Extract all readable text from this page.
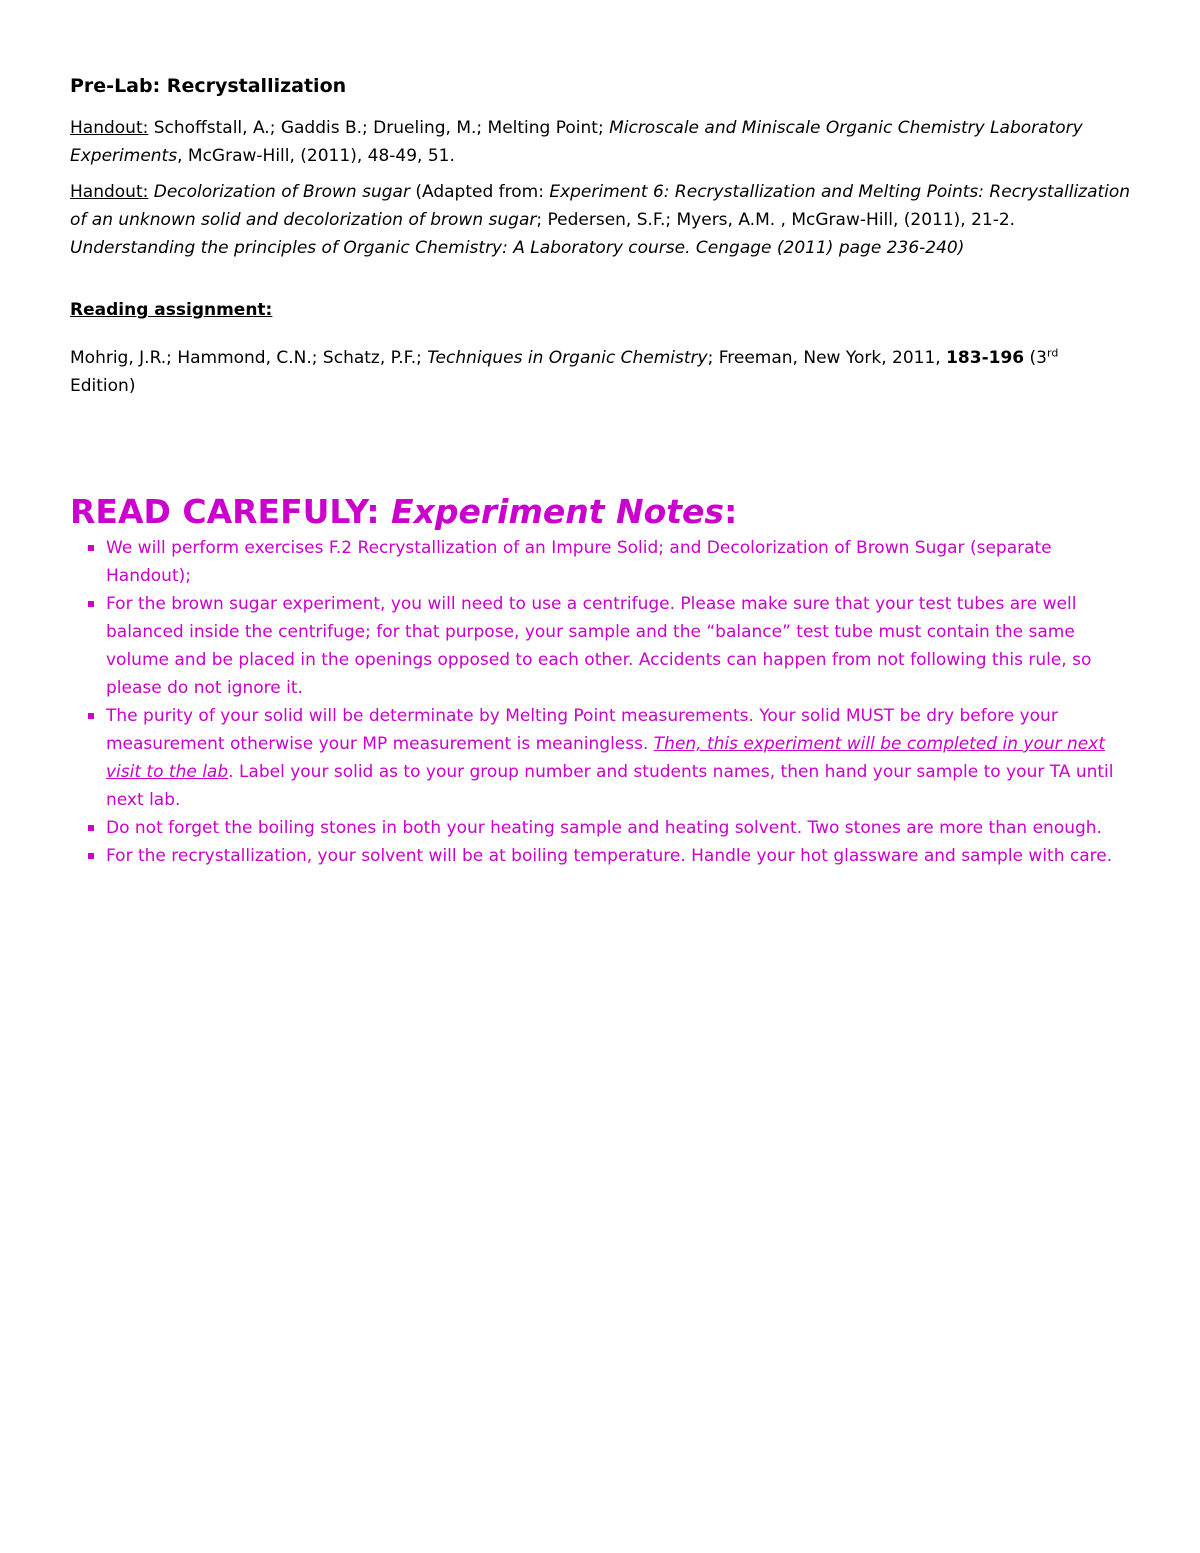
Pre-Lab: Recrystallization

Handout: Schoffstall, A.; Gaddis B.; Drueling, M.; Melting Point; Microscale and Miniscale Organic Chemistry Laboratory Experiments, McGraw-Hill, (2011), 48-49, 51.

Handout: Decolorization of Brown sugar (Adapted from: Experiment 6: Recrystallization and Melting Points: Recrystallization of an unknown solid and decolorization of brown sugar; Pedersen, S.F.; Myers, A.M. , McGraw-Hill, (2011), 21-2. Understanding the principles of Organic Chemistry: A Laboratory course. Cengage (2011) page 236-240)

Reading assignment:

Mohrig, J.R.; Hammond, C.N.; Schatz, P.F.; Techniques in Organic Chemistry; Freeman, New York, 2011, 183-196 (3rd
Edition)

READ CAREFULY: Experiment Notes:
We will perform exercises F.2 Recrystallization of an Impure Solid; and Decolorization of Brown Sugar (separate Handout);
For the brown sugar experiment, you will need to use a centrifuge. Please make sure that your test tubes are well balanced inside the centrifuge; for that purpose, your sample and the “balance” test tube must contain the same volume and be placed in the openings opposed to each other. Accidents can happen from not following this rule, so please do not ignore it.
The purity of your solid will be determinate by Melting Point measurements. Your solid MUST be dry before your measurement otherwise your MP measurement is meaningless. Then, this experiment will be completed in your next visit to the lab. Label your solid as to your group number and students names, then hand your sample to your TA until next lab.
Do not forget the boiling stones in both your heating sample and heating solvent. Two stones are more than enough.
For the recrystallization, your solvent will be at boiling temperature. Handle your hot glassware and sample with care.
